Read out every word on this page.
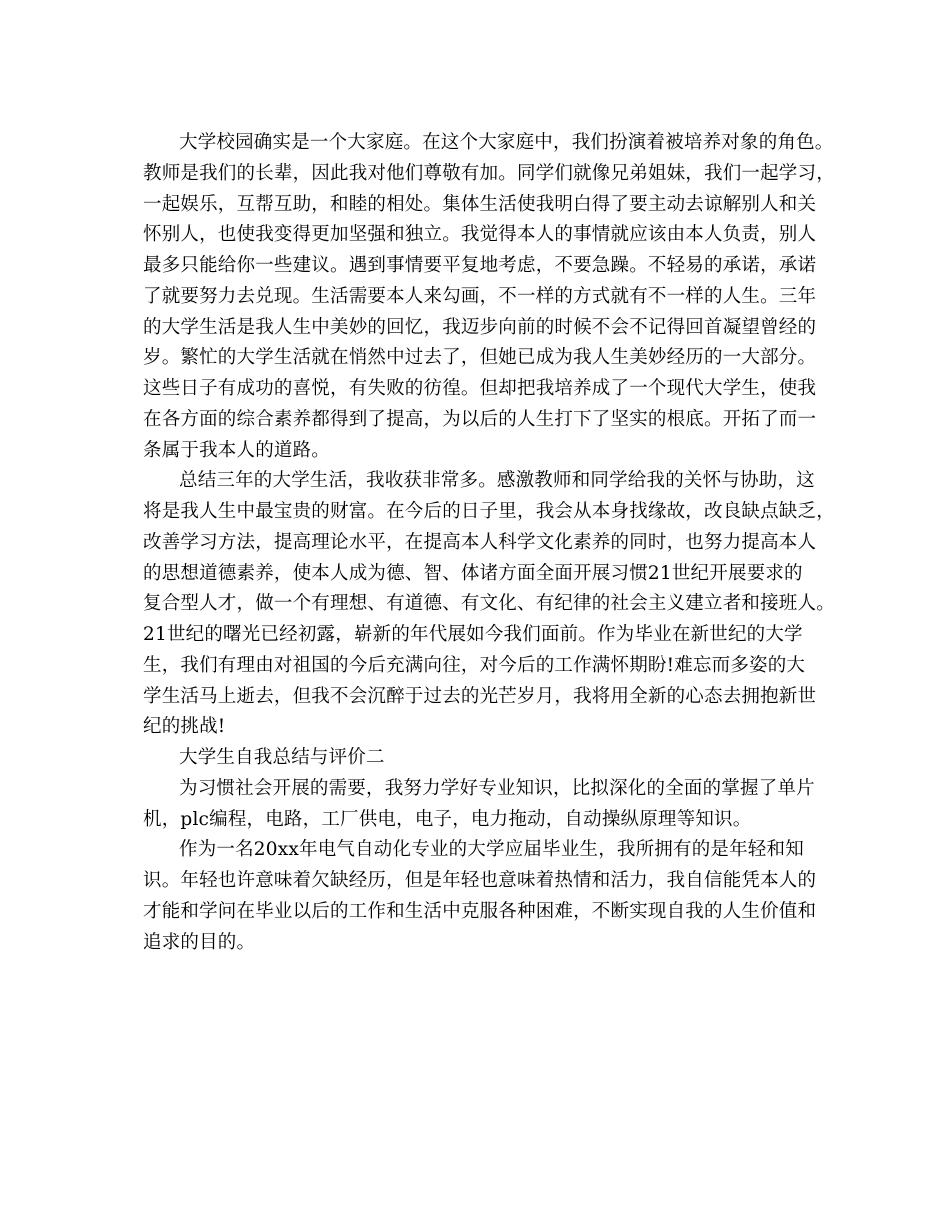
大学校园确实是一个大家庭。在这个大家庭中，我们扮演着被培养对象的角色。
教师是我们的长辈，因此我对他们尊敬有加。同学们就像兄弟姐妹，我们一起学习，
一起娱乐，互帮互助，和睦的相处。集体生活使我明白得了要主动去谅解别人和关
怀别人，也使我变得更加坚强和独立。我觉得本人的事情就应该由本人负责，别人
最多只能给你一些建议。遇到事情要平复地考虑，不要急躁。不轻易的承诺，承诺
了就要努力去兑现。生活需要本人来勾画，不一样的方式就有不一样的人生。三年
的大学生活是我人生中美妙的回忆，我迈步向前的时候不会不记得回首凝望曾经的
岁。繁忙的大学生活就在悄然中过去了，但她已成为我人生美妙经历的一大部分。
这些日子有成功的喜悦，有失败的彷徨。但却把我培养成了一个现代大学生，使我
在各方面的综合素养都得到了提高，为以后的人生打下了坚实的根底。开拓了而一
条属于我本人的道路。
总结三年的大学生活，我收获非常多。感激教师和同学给我的关怀与协助，这
将是我人生中最宝贵的财富。在今后的日子里，我会从本身找缘故，改良缺点缺乏，
改善学习方法，提高理论水平，在提高本人科学文化素养的同时，也努力提高本人
的思想道德素养，使本人成为德、智、体诸方面全面开展习惯21世纪开展要求的
复合型人才，做一个有理想、有道德、有文化、有纪律的社会主义建立者和接班人。
21世纪的曙光已经初露，崭新的年代展如今我们面前。作为毕业在新世纪的大学
生，我们有理由对祖国的今后充满向往，对今后的工作满怀期盼!难忘而多姿的大
学生活马上逝去，但我不会沉醉于过去的光芒岁月，我将用全新的心态去拥抱新世
纪的挑战!
大学生自我总结与评价二
为习惯社会开展的需要，我努力学好专业知识，比拟深化的全面的掌握了单片
机，plc编程，电路，工厂供电，电子，电力拖动，自动操纵原理等知识。
作为一名20xx年电气自动化专业的大学应届毕业生，我所拥有的是年轻和知
识。年轻也许意味着欠缺经历，但是年轻也意味着热情和活力，我自信能凭本人的
才能和学问在毕业以后的工作和生活中克服各种困难，不断实现自我的人生价值和
追求的目的。
